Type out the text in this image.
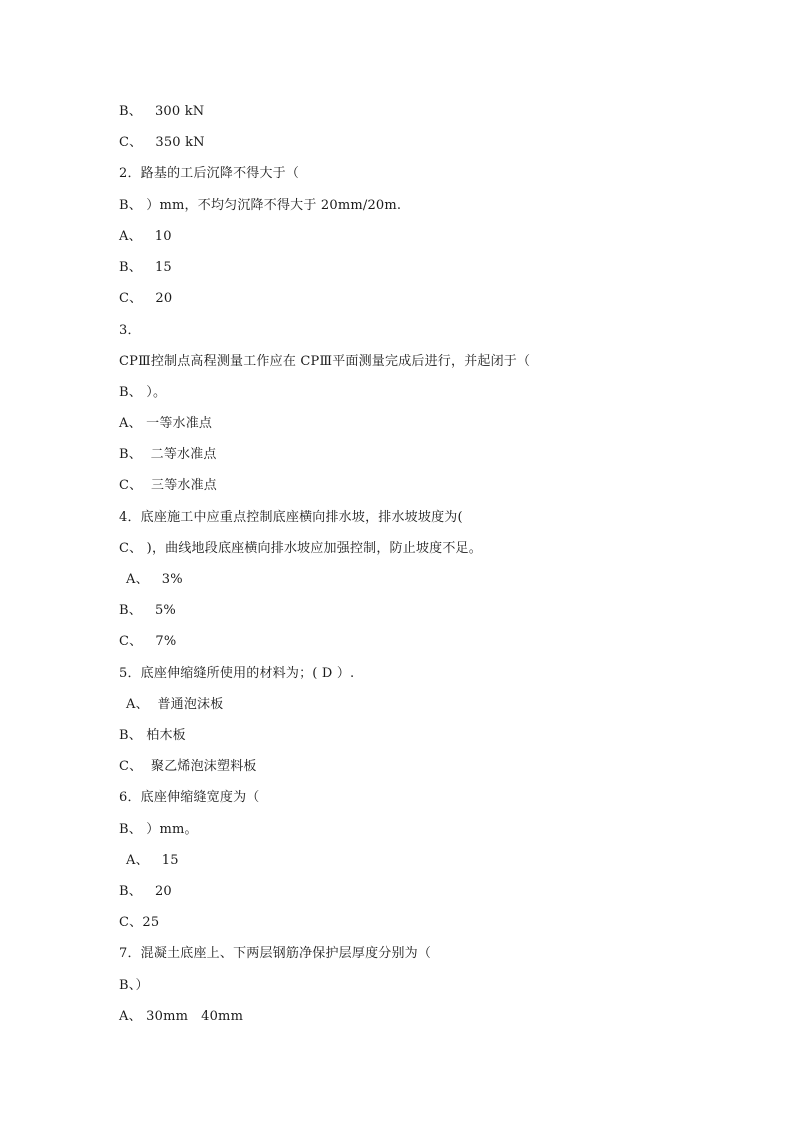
B、   300 kN
C、   350 kN
2．路基的工后沉降不得大于（
B、 ）mm，不均匀沉降不得大于 20mm/20m.
A、   10
B、   15
C、   20
3．
CPⅢ控制点高程测量工作应在 CPⅢ平面测量完成后进行，并起闭于（
B、 ）。
A、 一等水准点
B、  二等水准点
C、  三等水准点
4．底座施工中应重点控制底座横向排水坡，排水坡坡度为(
C、 )，曲线地段底座横向排水坡应加强控制，防止坡度不足。
A、   3%
B、   5%
C、   7%
5．底座伸缩缝所使用的材料为；( D ）.
A、  普通泡沫板
B、 柏木板
C、  聚乙烯泡沫塑料板
6．底座伸缩缝宽度为（
B、 ）mm。
A、   15
B、   20
C、25
7．混凝土底座上、下两层钢筋净保护层厚度分别为（
B、）
A、 30mm   40mm
